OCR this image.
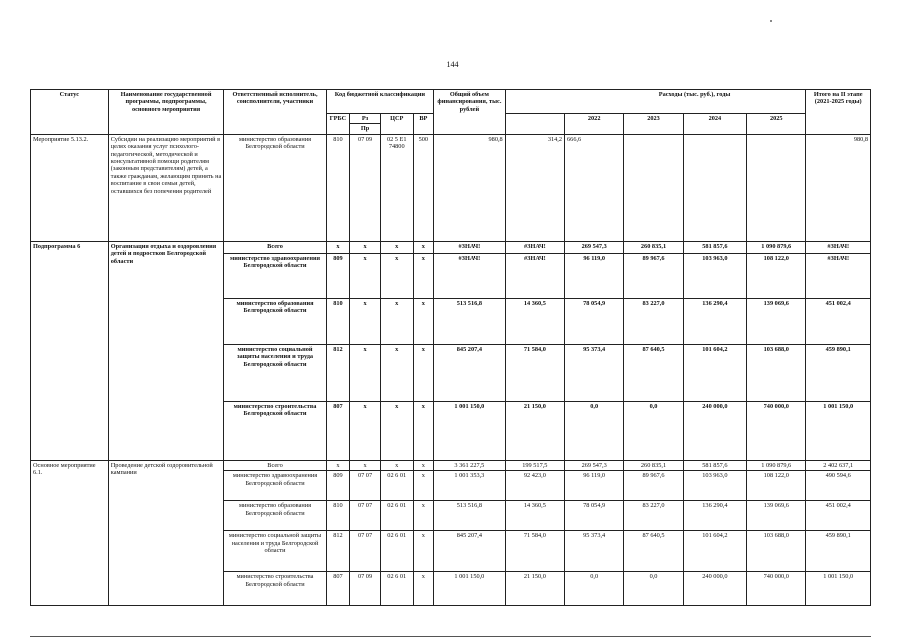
144
Статус	Наименование государственной программы, подпрограммы, основного мероприятия	Ответственный исполнитель, соисполнители, участники	Код бюджетной классификации				Общий объем финансирования, тыс. рублей	Расходы (тыс. руб.), годы					Итого на II этапе (2021-2025 годы)
			ГРБС	Рз	ЦСР	ВР			2022	2023	2024	2025	
				Пр									
Мероприятие 5.13.2.	Субсидии на реализацию мероприятий в целях оказания услуг психолого-педагогической, методической и консультативной помощи родителям (законным представителям) детей, а также гражданам, желающим принять на воспитание в свои семьи детей, оставшихся без попечения родителей	министерство образования Белгородской области	810	07 09	02 5 Е1 74800	500	980,8	314,2	666,6				980,8
Подпрограмма 6	Организация отдыха и оздоровления детей и подростков Белгородской области	Всего	x	x	x	x	#ЗНАЧ!	#ЗНАЧ!	269 547,3	260 835,1	581 857,6	1 090 879,6	#ЗНАЧ!
		министерство здравоохранения Белгородской области	809	x	x	x	#ЗНАЧ!	#ЗНАЧ!	96 119,0	89 967,6	103 963,0	108 122,0	#ЗНАЧ!
		министерство образования Белгородской области	810	x	x	x	513 516,8	14 360,5	78 054,9	83 227,0	136 290,4	139 069,6	451 002,4
		министерство социальной защиты населения и труда Белгородской области	812	x	x	x	845 207,4	71 584,0	95 373,4	87 640,5	101 604,2	103 688,0	459 890,1
		министерство строительства Белгородской области	807	x	x	x	1 001 150,0	21 150,0	0,0	0,0	240 000,0	740 000,0	1 001 150,0
Основное мероприятие 6.1.	Проведение детской оздоровительной кампании	Всего	x	x	x	x	3 361 227,5	199 517,5	269 547,3	260 835,1	581 857,6	1 090 879,6	2 402 637,1
		министерство здравоохранения Белгородской области	809	07 07	02 6 01	x	1 001 353,3	92 423,0	96 119,0	89 967,6	103 963,0	108 122,0	490 594,6
		министерство образования Белгородской области	810	07 07	02 6 01	x	513 516,8	14 360,5	78 054,9	83 227,0	136 290,4	139 069,6	451 002,4
		министерство социальной защиты населения и труда Белгородской области	812	07 07	02 6 01	x	845 207,4	71 584,0	95 373,4	87 640,5	101 604,2	103 688,0	459 890,1
		министерство строительства Белгородской области	807	07 09	02 6 01	x	1 001 150,0	21 150,0	0,0	0,0	240 000,0	740 000,0	1 001 150,0
